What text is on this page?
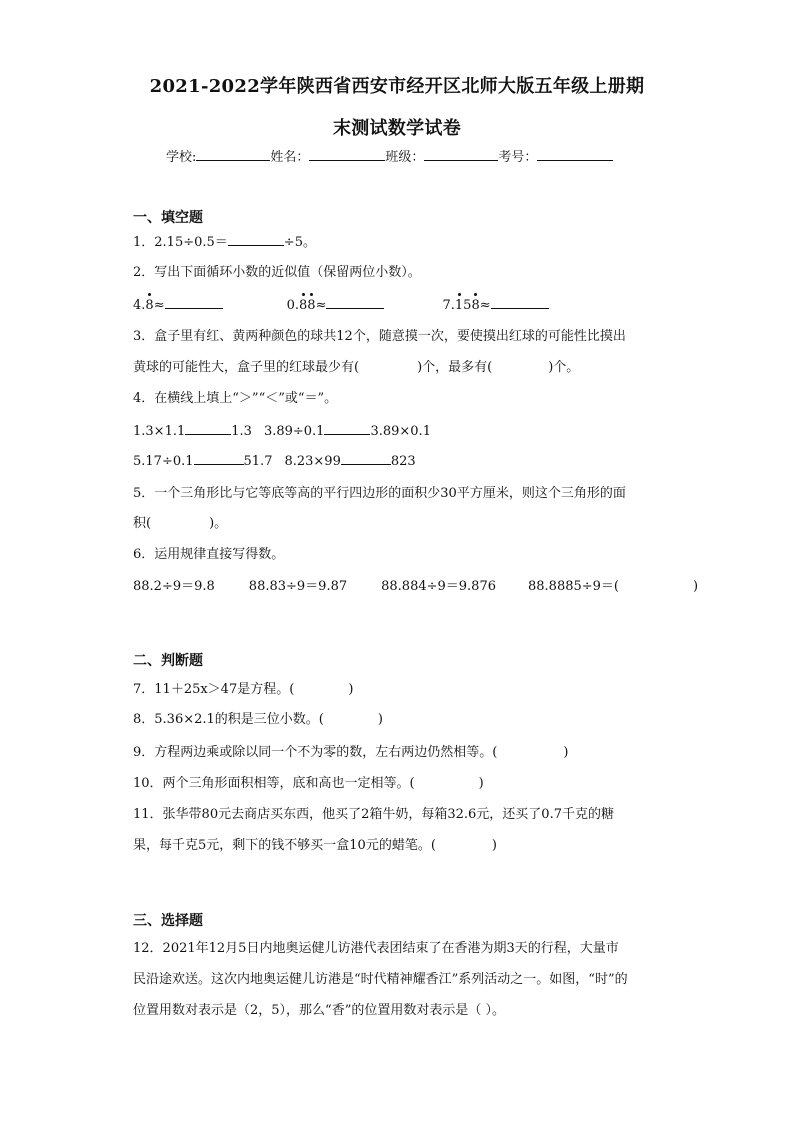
2021-2022学年陕西省西安市经开区北师大版五年级上册期
末测试数学试卷
学校:	姓名：	班级：	考号：
一、填空题
1．2.15÷0.5＝	÷5。
2．写出下面循环小数的近似值（保留两位小数）。
4.8
≈	0.8
8
≈	7.1
58
≈
3．盒子里有红、黄两种颜色的球共12个，随意摸一次，要使摸出红球的可能性比摸出
黄球的可能性大，盒子里的红球最少有(	)个，最多有(	)个。
4．在横线上填上“＞”“＜”或“＝”。
1.3×1.1	1.3 3.89÷0.1	3.89×0.1
5.17÷0.1	51.7 8.23×99	823
5．一个三角形比与它等底等高的平行四边形的面积少30平方厘米，则这个三角形的面
积(	)。
6．运用规律直接写得数。
88.2÷9＝9.8	88.83÷9＝9.87	88.884÷9＝9.876 88.8885÷9＝(	)
二、判断题
7．11＋25x＞47是方程。(	)
8．5.36×2.1的积是三位小数。(	)
9．方程两边乘或除以同一个不为零的数，左右两边仍然相等。(	)
10．两个三角形面积相等，底和高也一定相等。(	)
11．张华带80元去商店买东西，他买了2箱牛奶，每箱32.6元，还买了0.7千克的糖
果，每千克5元，剩下的钱不够买一盒10元的蜡笔。(	)
三、选择题
12．2021年12月5日内地奥运健儿访港代表团结束了在香港为期3天的行程，大量市
民沿途欢送。这次内地奥运健儿访港是“时代精神耀香江”系列活动之一。如图，“时”的
位置用数对表示是（2，5），那么“香”的位置用数对表示是（ ）。
